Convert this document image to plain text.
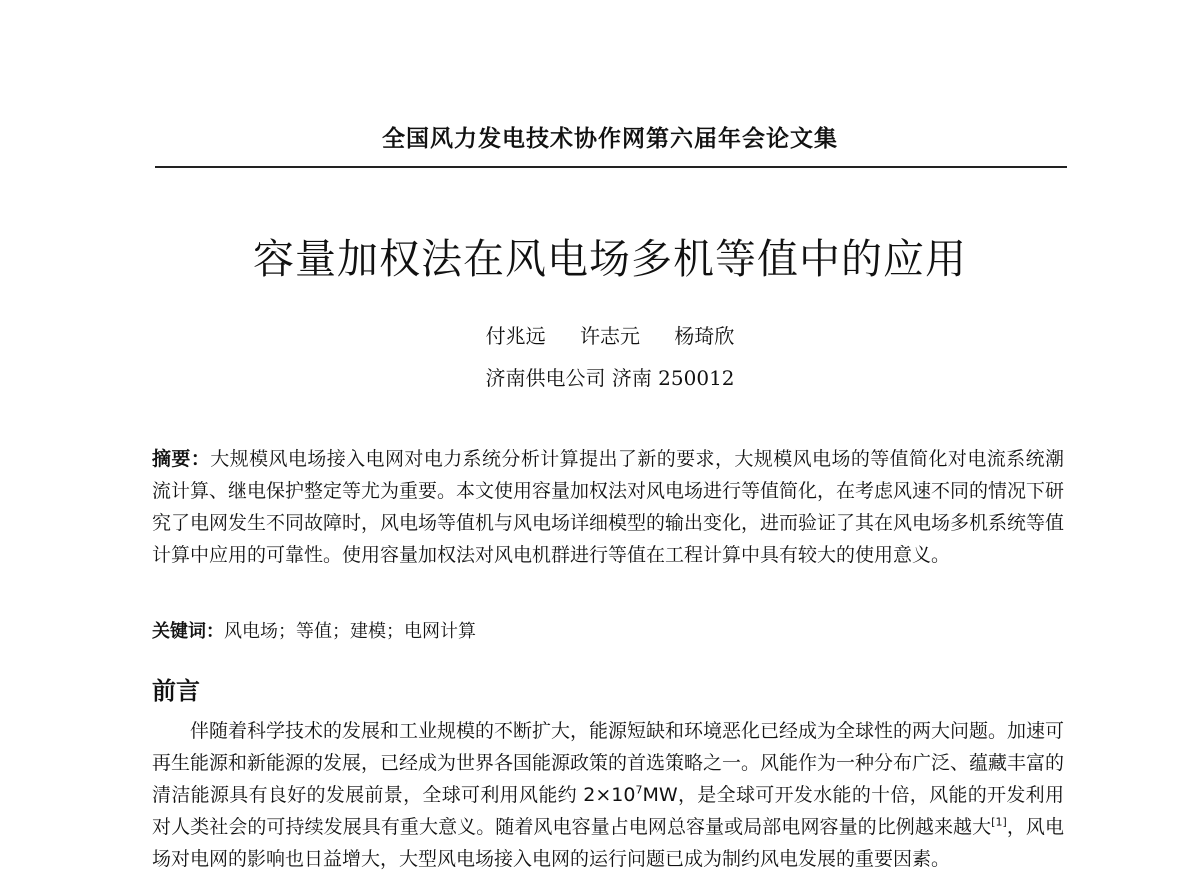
全国风力发电技术协作网第六届年会论文集
容量加权法在风电场多机等值中的应用
付兆远 许志元 杨琦欣
济南供电公司 济南 250012
摘要：大规模风电场接入电网对电力系统分析计算提出了新的要求，大规模风电场的等值简化对电流系统潮流计算、继电保护整定等尤为重要。本文使用容量加权法对风电场进行等值简化，在考虑风速不同的情况下研究了电网发生不同故障时，风电场等值机与风电场详细模型的输出变化，进而验证了其在风电场多机系统等值计算中应用的可靠性。使用容量加权法对风电机群进行等值在工程计算中具有较大的使用意义。
关键词：风电场；等值；建模；电网计算
前言
伴随着科学技术的发展和工业规模的不断扩大，能源短缺和环境恶化已经成为全球性的两大问题。加速可再生能源和新能源的发展，已经成为世界各国能源政策的首选策略之一。风能作为一种分布广泛、蕴藏丰富的清洁能源具有良好的发展前景，全球可利用风能约 $2\times 10^7MW$，是全球可开发水能的十倍，风能的开发利用对人类社会的可持续发展具有重大意义。随着风电容量占电网总容量或局部电网容量的比例越来越大[1]，风电场对电网的影响也日益增大，大型风电场接入电网的运行问题已成为制约风电发展的重要因素。
